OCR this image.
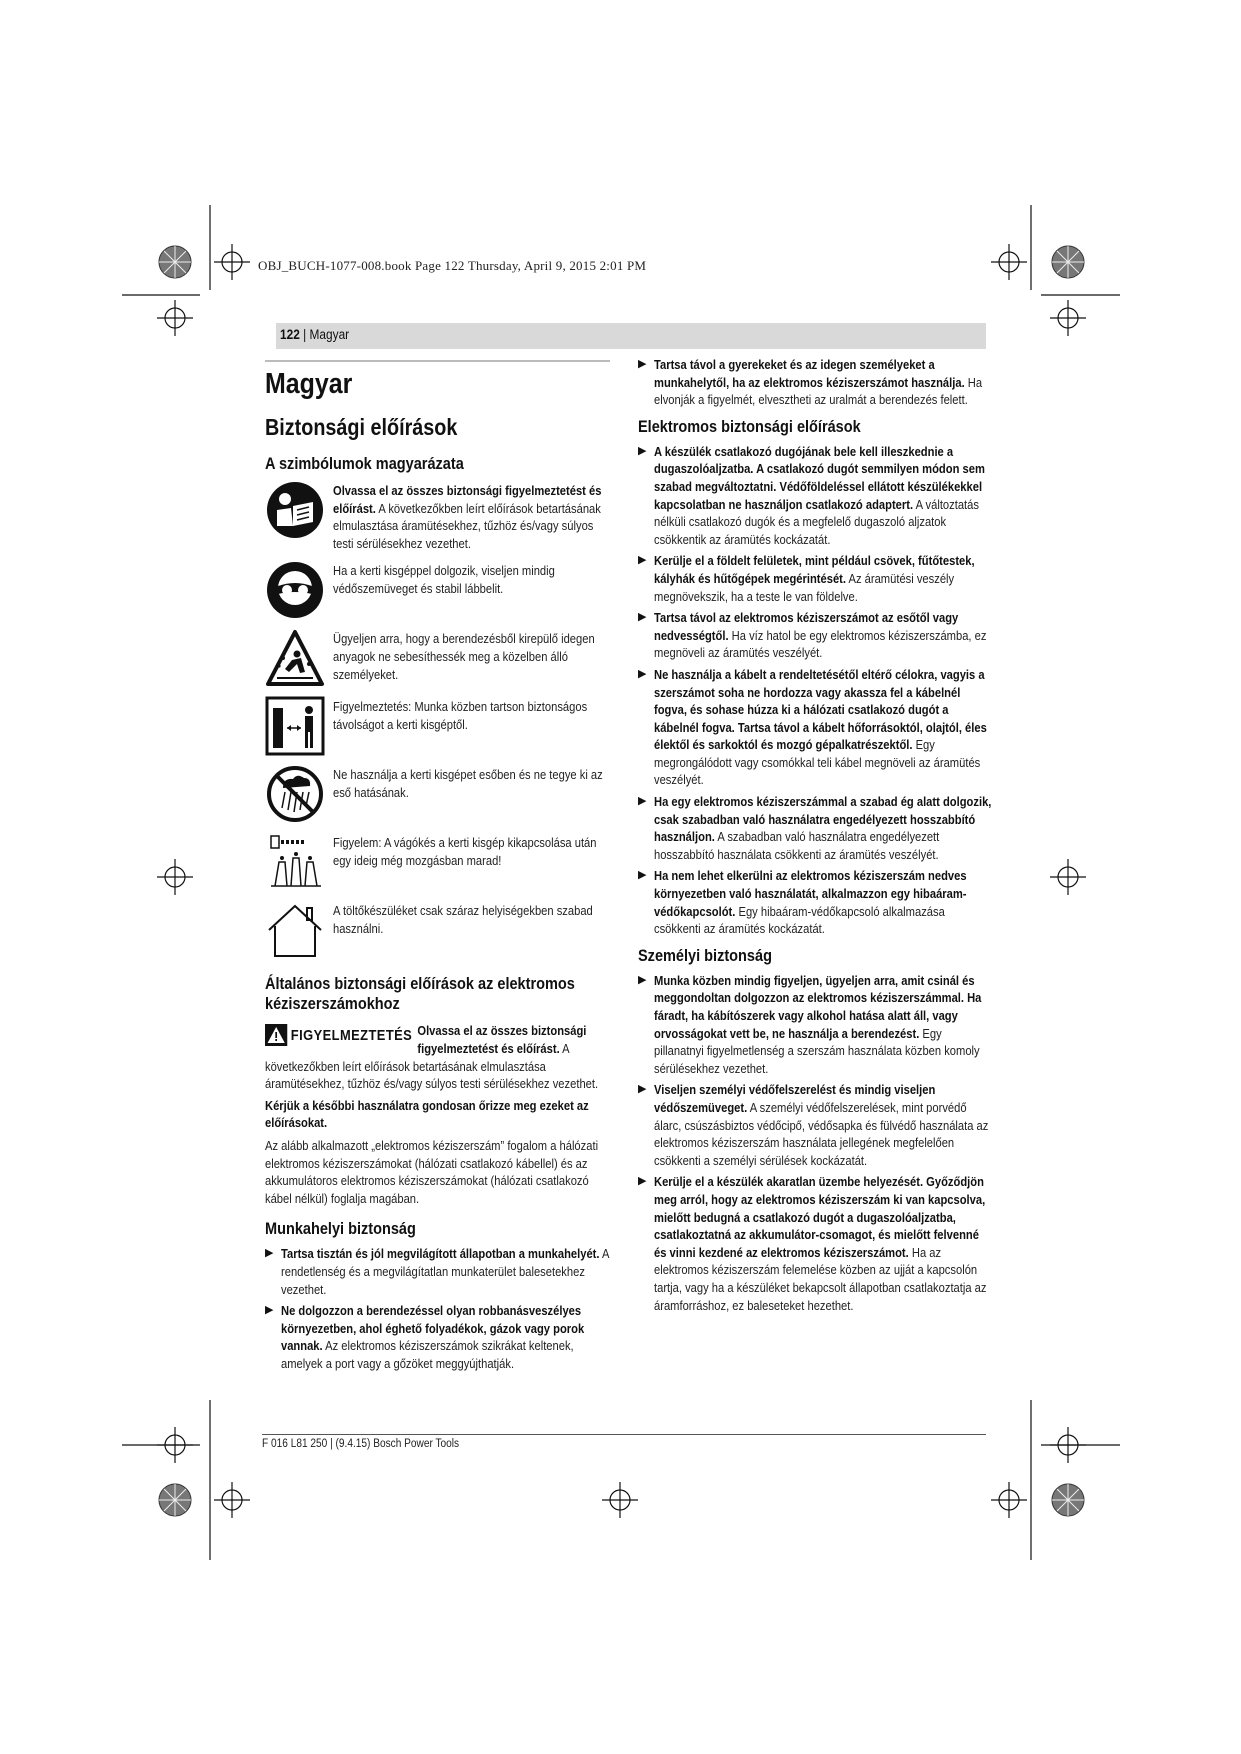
OBJ_BUCH-1077-008.book Page 122 Thursday, April 9, 2015 2:01 PM
122 | Magyar
Magyar
Biztonsági előírások
A szimbólumok magyarázata
Olvassa el az összes biztonsági figyelmeztetést és előírást. A következőkben leírt előírások betartásának elmulasztása áramütésekhez, tűzhöz és/vagy súlyos testi sérülésekhez vezethet.
Ha a kerti kisgéppel dolgozik, viseljen mindig védőszemüveget és stabil lábbelit.
Ügyeljen arra, hogy a berendezésből kirepülő idegen anyagok ne sebesíthessék meg a közelben álló személyeket.
Figyelmeztetés: Munka közben tartson biztonságos távolságot a kerti kisgéptől.
Ne használja a kerti kisgépet esőben és ne tegye ki az eső hatásának.
Figyelem: A vágókés a kerti kisgép kikapcsolása után egy ideig még mozgásban marad!
A töltőkészüléket csak száraz helyiségekben szabad használni.
Általános biztonsági előírások az elektromos kéziszerszámokhoz
FIGYELMEZTETÉS Olvassa el az összes biztonsági figyelmeztetést és előírást. A következőkben leírt előírások betartásának elmulasztása áramütésekhez, tűzhöz és/vagy súlyos testi sérülésekhez vezethet.

Kérjük a későbbi használatra gondosan őrizze meg ezeket az előírásokat.

Az alább alkalmazott „elektromos kéziszerszám” fogalom a hálózati elektromos kéziszerszámokat (hálózati csatlakozó kábellel) és az akkumulátoros elektromos kéziszerszámokat (hálózati csatlakozó kábel nélkül) foglalja magában.

Munkahelyi biztonság
▶ Tartsa tisztán és jól megvilágított állapotban a munkahelyét. A rendetlenség és a megvilágítatlan munkaterület balesetekhez vezethet.
▶ Ne dolgozzon a berendezéssel olyan robbanásveszélyes környezetben, ahol éghető folyadékok, gázok vagy porok vannak. Az elektromos kéziszerszámok szikrákat keltenek, amelyek a port vagy a gőzöket meggyújthatják.
▶ Tartsa távol a gyerekeket és az idegen személyeket a munkahelytől, ha az elektromos kéziszerszámot használja. Ha elvonják a figyelmét, elvesztheti az uralmát a berendezés felett.
Elektromos biztonsági előírások
▶ A készülék csatlakozó dugójának bele kell illeszkednie a dugaszolóaljzatba. A csatlakozó dugót semmilyen módon sem szabad megváltoztatni. Védőföldeléssel ellátott készülékekkel kapcsolatban ne használjon csatlakozó adaptert. A változtatás nélküli csatlakozó dugók és a megfelelő dugaszoló aljzatok csökkentik az áramütés kockázatát.
▶ Kerülje el a földelt felületek, mint például csövek, fűtőtestek, kályhák és hűtőgépek megérintését. Az áramütési veszély megnövekszik, ha a teste le van földelve.
▶ Tartsa távol az elektromos kéziszerszámot az esőtől vagy nedvességtől. Ha víz hatol be egy elektromos kéziszerszámba, ez megnöveli az áramütés veszélyét.
▶ Ne használja a kábelt a rendeltetésétől eltérő célokra, vagyis a szerszámot soha ne hordozza vagy akassza fel a kábelnél fogva, és sohase húzza ki a hálózati csatlakozó dugót a kábelnél fogva. Tartsa távol a kábelt hőforrásoktól, olajtól, éles élektől és sarkoktól és mozgó gépalkatrészektől. Egy megrongálódott vagy csomókkal teli kábel megnöveli az áramütés veszélyét.
▶ Ha egy elektromos kéziszerszámmal a szabad ég alatt dolgozik, csak szabadban való használatra engedélyezett hosszabbító használjon. A szabadban való használatra engedélyezett hosszabbító használata csökkenti az áramütés veszélyét.
▶ Ha nem lehet elkerülni az elektromos kéziszerszám nedves környezetben való használatát, alkalmazzon egy hibaáram-védőkapcsolót. Egy hibaáram-védőkapcsoló alkalmazása csökkenti az áramütés kockázatát.
Személyi biztonság
▶ Munka közben mindig figyeljen, ügyeljen arra, amit csinál és meggondoltan dolgozzon az elektromos kéziszerszámmal. Ha fáradt, ha kábítószerek vagy alkohol hatása alatt áll, vagy orvosságokat vett be, ne használja a berendezést. Egy pillanatnyi figyelmetlenség a szerszám használata közben komoly sérülésekhez vezethet.
▶ Viseljen személyi védőfelszerelést és mindig viseljen védőszemüveget. A személyi védőfelszerelések, mint porvédő álarc, csúszásbiztos védőcipő, védősapka és fülvédő használata az elektromos kéziszerszám használata jellegének megfelelően csökkenti a személyi sérülések kockázatát.
▶ Kerülje el a készülék akaratlan üzembe helyezését. Győződjön meg arról, hogy az elektromos kéziszerszám ki van kapcsolva, mielőtt bedugná a csatlakozó dugót a dugaszolóaljzatba, csatlakoztatná az akkumulátor-csomagot, és mielőtt felvenné és vinni kezdené az elektromos kéziszerszámot. Ha az elektromos kéziszerszám felemelése közben az ujját a kapcsolón tartja, vagy ha a készüléket bekapcsolt állapotban csatlakoztatja az áramforráshoz, ez baleseteket hezethet.
F 016 L81 250 | (9.4.15) Bosch Power Tools
